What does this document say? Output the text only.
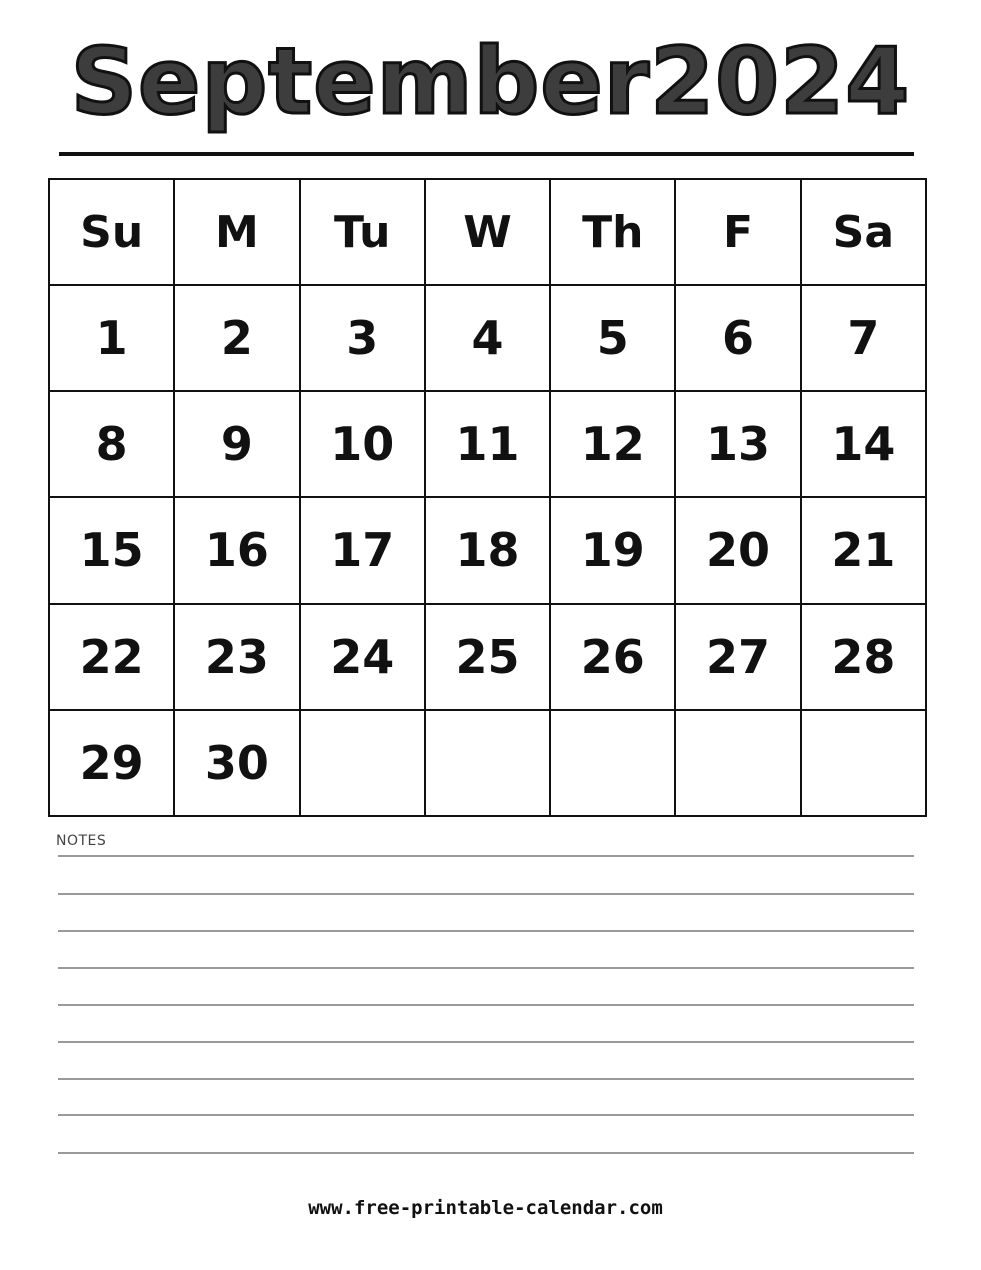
September2024
Su	M	Tu	W	Th	F	Sa
1	2	3	4	5	6	7
8	9	10	11	12	13	14
15	16	17	18	19	20	21
22	23	24	25	26	27	28
29	30					
NOTES
www.free-printable-calendar.com
